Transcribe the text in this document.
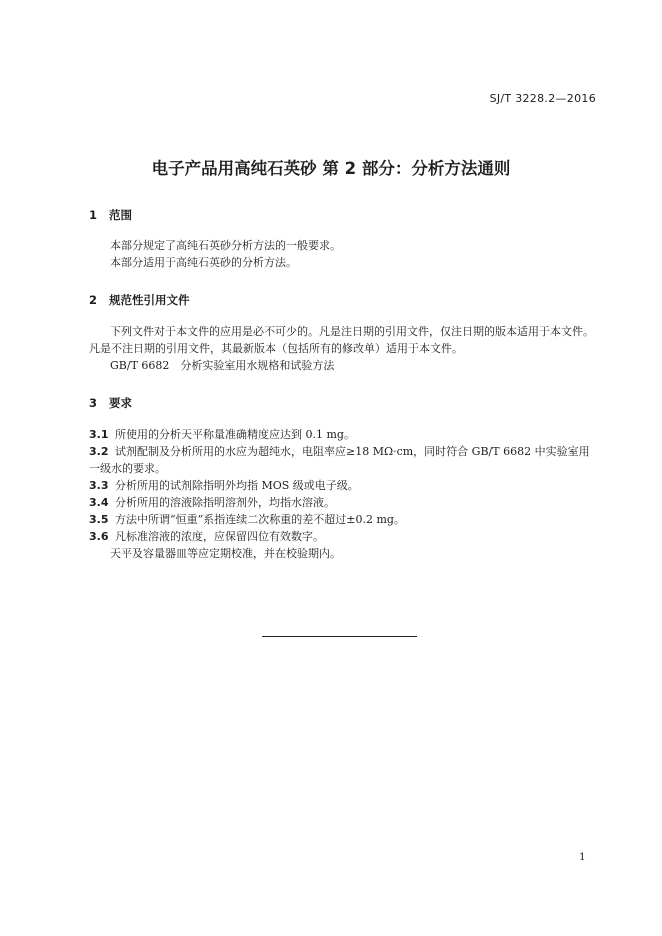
SJ/T 3228.2—2016
电子产品用高纯石英砂 第 2 部分：分析方法通则
1 范围

本部分规定了高纯石英砂分析方法的一般要求。

本部分适用于高纯石英砂的分析方法。

2 规范性引用文件

下列文件对于本文件的应用是必不可少的。凡是注日期的引用文件，仅注日期的版本适用于本文件。

凡是不注日期的引用文件，其最新版本（包括所有的修改单）适用于本文件。

GB/T 6682　分析实验室用水规格和试验方法

3 要求

3.1 所使用的分析天平称量准确精度应达到 0.1 mg。

3.2 试剂配制及分析所用的水应为超纯水，电阻率应≥18 MΩ·cm，同时符合 GB/T 6682 中实验室用

一级水的要求。

3.3 分析所用的试剂除指明外均指 MOS 级或电子级。

3.4 分析所用的溶液除指明溶剂外，均指水溶液。

3.5 方法中所谓“恒重”系指连续二次称重的差不超过±0.2 mg。

3.6 凡标准溶液的浓度，应保留四位有效数字。

天平及容量器皿等应定期校准，并在校验期内。

1
